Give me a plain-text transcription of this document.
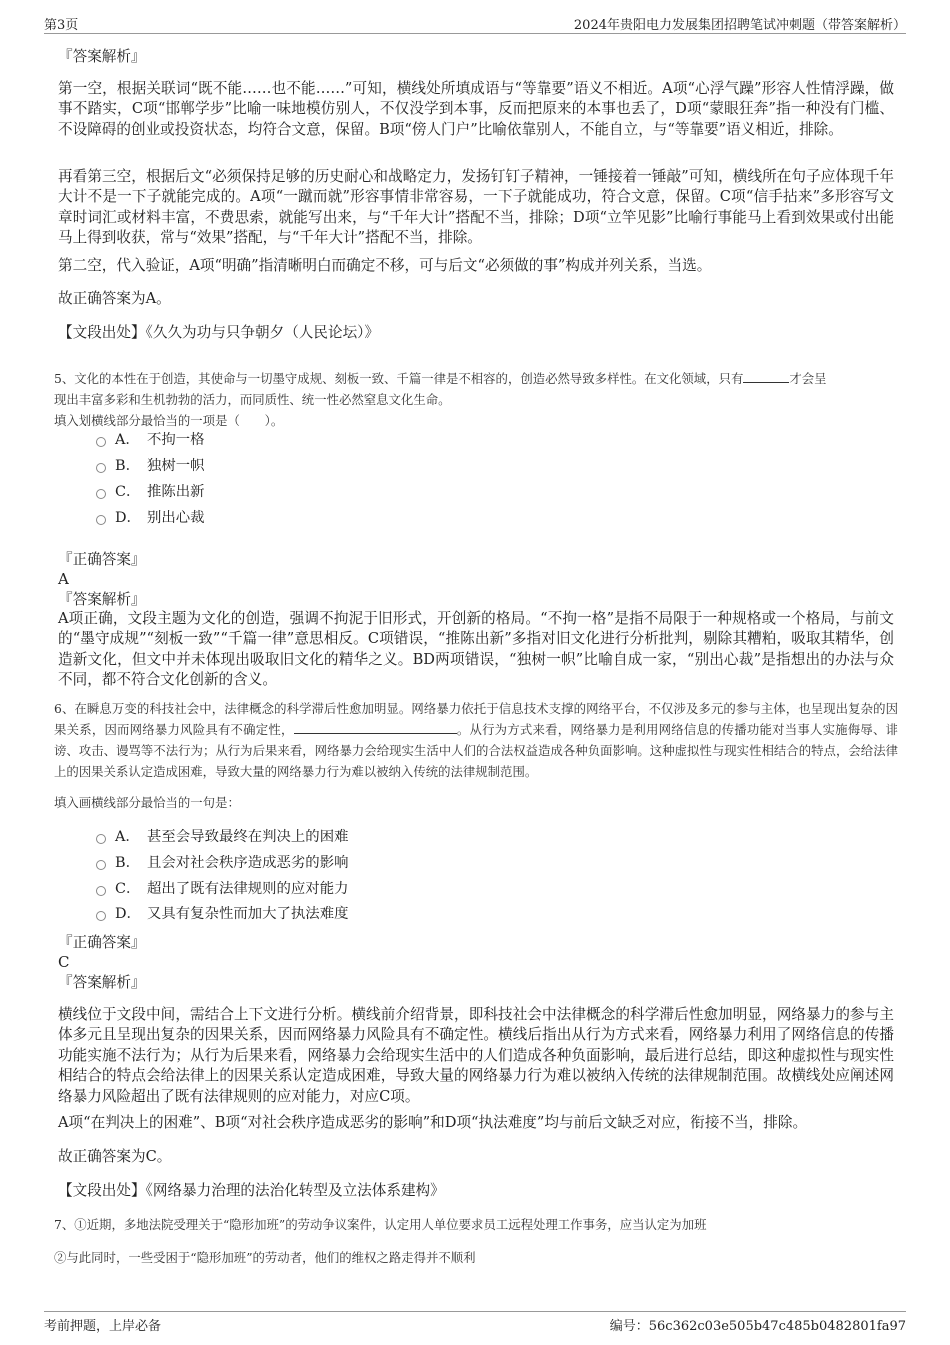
第3页	2024年贵阳电力发展集团招聘笔试冲刺题（带答案解析）
『答案解析』
第一空，根据关联词“既不能……也不能……”可知，横线处所填成语与“等靠要”语义不相近。A项“心浮气躁”形容人性情浮躁，做事不踏实，C项“邯郸学步”比喻一味地模仿别人，不仅没学到本事，反而把原来的本事也丢了，D项“蒙眼狂奔”指一种没有门槛、不设障碍的创业或投资状态，均符合文意，保留。B项“傍人门户”比喻依靠别人，不能自立，与“等靠要”语义相近，排除。
再看第三空，根据后文“必须保持足够的历史耐心和战略定力，发扬钉钉子精神，一锤接着一锤敲”可知，横线所在句子应体现千年大计不是一下子就能完成的。A项“一蹴而就”形容事情非常容易，一下子就能成功，符合文意，保留。C项“信手拈来”多形容写文章时词汇或材料丰富，不费思索，就能写出来，与“千年大计”搭配不当，排除；D项“立竿见影”比喻行事能马上看到效果或付出能马上得到收获，常与“效果”搭配，与“千年大计”搭配不当，排除。
第二空，代入验证，A项“明确”指清晰明白而确定不移，可与后文“必须做的事”构成并列关系，当选。
故正确答案为A。
【文段出处】《久久为功与只争朝夕（人民论坛）》
5、文化的本性在于创造，其使命与一切墨守成规、刻板一致、千篇一律是不相容的，创造必然导致多样性。在文化领域，只有	才会呈
现出丰富多彩和生机勃勃的活力，而同质性、统一性必然窒息文化生命。
填入划横线部分最恰当的一项是（　　）。
A． 不拘一格
B． 独树一帜
C． 推陈出新
D． 别出心裁
『正确答案』
A
『答案解析』
A项正确，文段主题为文化的创造，强调不拘泥于旧形式，开创新的格局。“不拘一格”是指不局限于一种规格或一个格局，与前文的“墨守成规”“刻板一致”“千篇一律”意思相反。C项错误，“推陈出新”多指对旧文化进行分析批判，剔除其糟粕，吸取其精华，创造新文化，但文中并未体现出吸取旧文化的精华之义。BD两项错误，“独树一帜”比喻自成一家，“别出心裁”是指想出的办法与众不同，都不符合文化创新的含义。
6、在瞬息万变的科技社会中，法律概念的科学滞后性愈加明显。网络暴力依托于信息技术支撑的网络平台，不仅涉及多元的参与主体，也呈现出复杂的因果关系，因而网络暴力风险具有不确定性，	。从行为方式来看，网络暴力是利用网络信息的传播功能对当事人实施侮辱、诽谤、攻击、谩骂等不法行为；从行为后果来看，网络暴力会给现实生活中人们的合法权益造成各种负面影响。这种虚拟性与现实性相结合的特点，会给法律上的因果关系认定造成困难，导致大量的网络暴力行为难以被纳入传统的法律规制范围。
填入画横线部分最恰当的一句是：
A． 甚至会导致最终在判决上的困难
B． 且会对社会秩序造成恶劣的影响
C． 超出了既有法律规则的应对能力
D． 又具有复杂性而加大了执法难度
『正确答案』
C
『答案解析』
横线位于文段中间，需结合上下文进行分析。横线前介绍背景，即科技社会中法律概念的科学滞后性愈加明显，网络暴力的参与主体多元且呈现出复杂的因果关系，因而网络暴力风险具有不确定性。横线后指出从行为方式来看，网络暴力利用了网络信息的传播功能实施不法行为；从行为后果来看，网络暴力会给现实生活中的人们造成各种负面影响，最后进行总结，即这种虚拟性与现实性相结合的特点会给法律上的因果关系认定造成困难，导致大量的网络暴力行为难以被纳入传统的法律规制范围。故横线处应阐述网络暴力风险超出了既有法律规则的应对能力，对应C项。
A项“在判决上的困难”、B项“对社会秩序造成恶劣的影响”和D项“执法难度”均与前后文缺乏对应，衔接不当，排除。
故正确答案为C。
【文段出处】《网络暴力治理的法治化转型及立法体系建构》
7、①近期，多地法院受理关于“隐形加班”的劳动争议案件，认定用人单位要求员工远程处理工作事务，应当认定为加班
②与此同时，一些受困于“隐形加班”的劳动者，他们的维权之路走得并不顺利
考前押题，上岸必备	编号：56c362c03e505b47c485b0482801fa97
